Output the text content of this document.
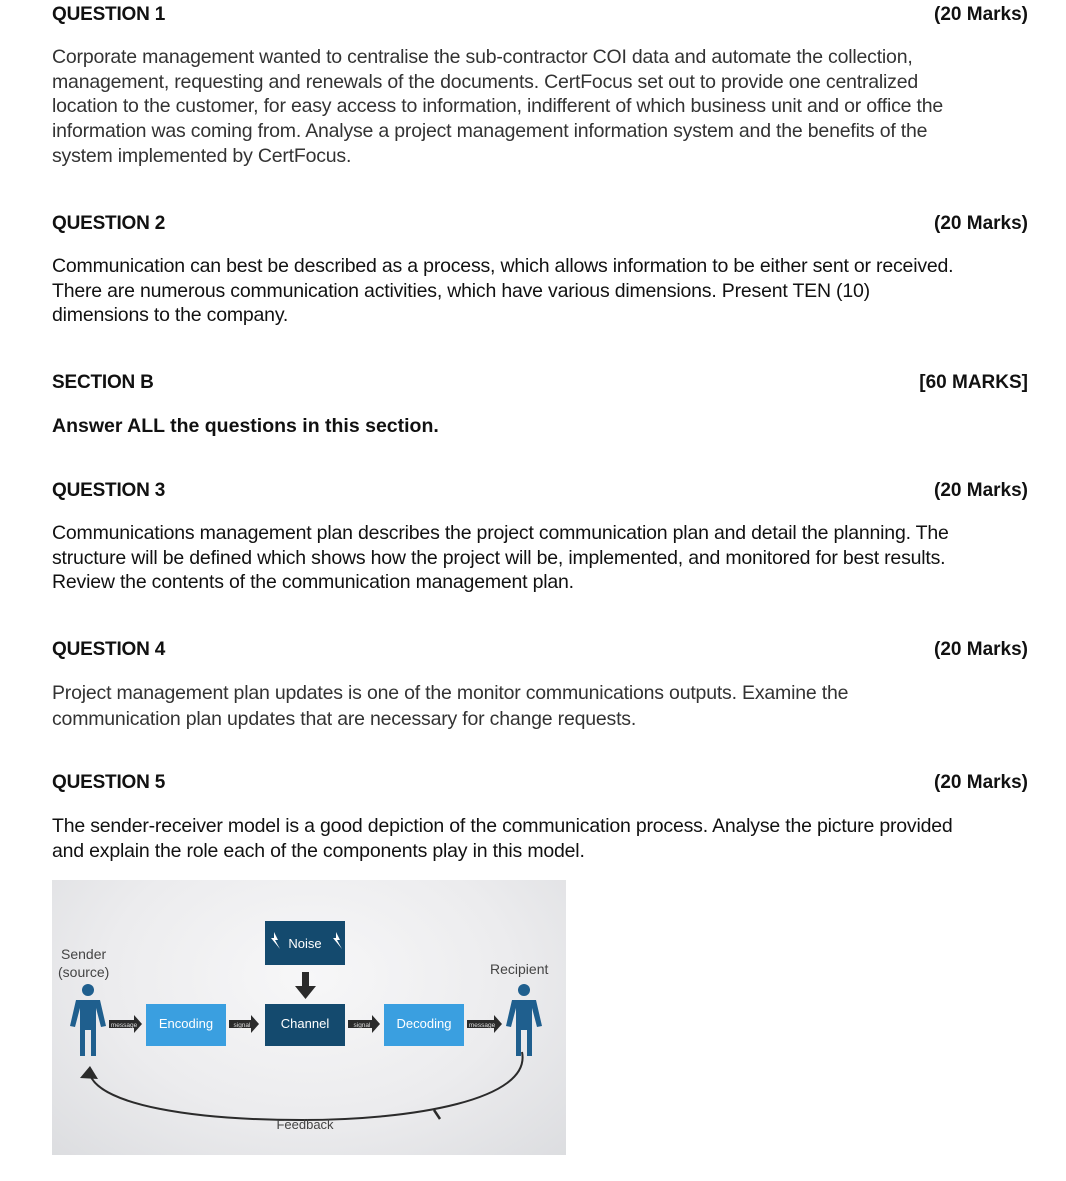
QUESTION 1	(20 Marks)
Corporate management wanted to centralise the sub-contractor COI data and automate the collection,
management, requesting and renewals of the documents. CertFocus set out to provide one centralized
location to the customer, for easy access to information, indifferent of which business unit and or office the
information was coming from. Analyse a project management information system and the benefits of the
system implemented by CertFocus.
QUESTION 2	(20 Marks)
Communication can best be described as a process, which allows information to be either sent or received.
There are numerous communication activities, which have various dimensions. Present TEN (10)
dimensions to the company.
SECTION B	[60 MARKS]
Answer ALL the questions in this section.
QUESTION 3	(20 Marks)
Communications management plan describes the project communication plan and detail the planning. The
structure will be defined which shows how the project will be, implemented, and monitored for best results.
Review the contents of the communication management plan.
QUESTION 4	(20 Marks)
Project management plan updates is one of the monitor communications outputs. Examine the
communication plan updates that are necessary for change requests.
QUESTION 5	(20 Marks)
The sender-receiver model is a good depiction of the communication process. Analyse the picture provided
and explain the role each of the components play in this model.
Sender
(source)	Recipient
Noise
message Encoding	signal Channel	signal Decoding	message
Feedback
